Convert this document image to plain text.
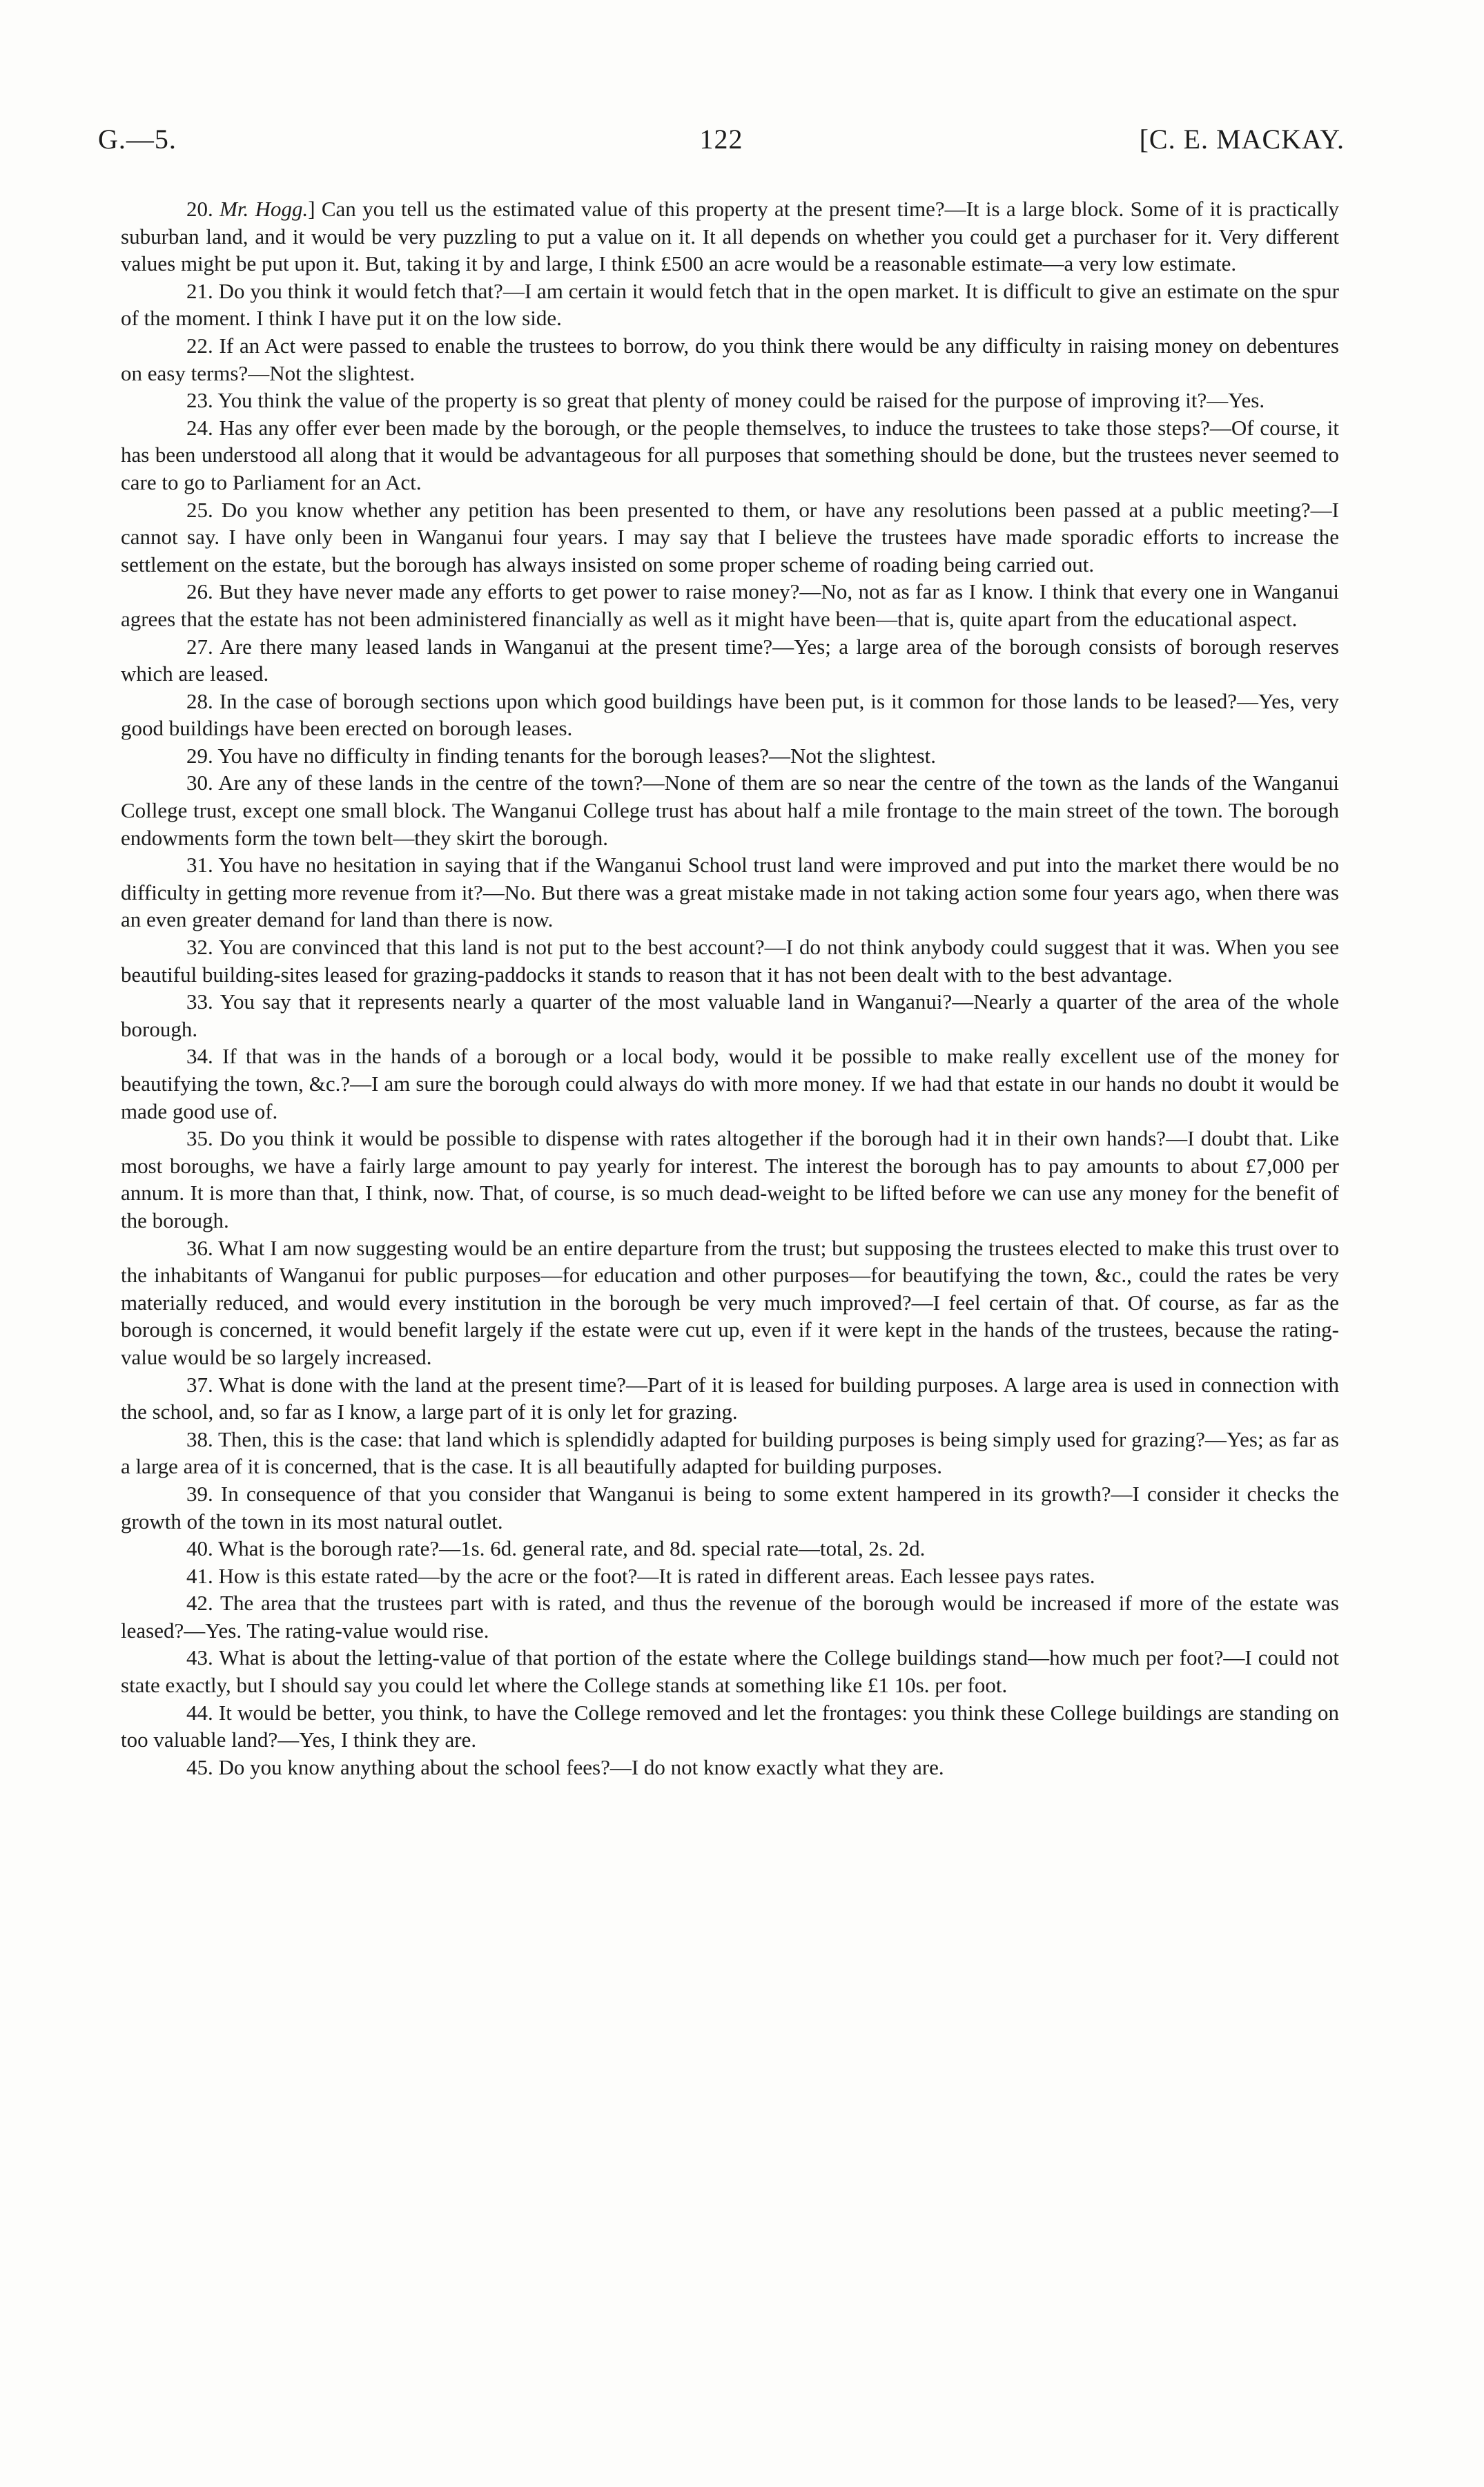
G.—5.	122	[C. E. MACKAY.

20. Mr. Hogg.] Can you tell us the estimated value of this property at the present time?—It is a large block. Some of it is practically suburban land, and it would be very puzzling to put a value on it. It all depends on whether you could get a purchaser for it. Very different values might be put upon it. But, taking it by and large, I think £500 an acre would be a reasonable estimate—a very low estimate.

21. Do you think it would fetch that?—I am certain it would fetch that in the open market. It is difficult to give an estimate on the spur of the moment. I think I have put it on the low side.

22. If an Act were passed to enable the trustees to borrow, do you think there would be any difficulty in raising money on debentures on easy terms?—Not the slightest.

23. You think the value of the property is so great that plenty of money could be raised for the purpose of improving it?—Yes.

24. Has any offer ever been made by the borough, or the people themselves, to induce the trustees to take those steps?—Of course, it has been understood all along that it would be advantageous for all purposes that something should be done, but the trustees never seemed to care to go to Parliament for an Act.

25. Do you know whether any petition has been presented to them, or have any resolutions been passed at a public meeting?—I cannot say. I have only been in Wanganui four years. I may say that I believe the trustees have made sporadic efforts to increase the settlement on the estate, but the borough has always insisted on some proper scheme of roading being carried out.

26. But they have never made any efforts to get power to raise money?—No, not as far as I know. I think that every one in Wanganui agrees that the estate has not been administered financially as well as it might have been—that is, quite apart from the educational aspect.

27. Are there many leased lands in Wanganui at the present time?—Yes; a large area of the borough consists of borough reserves which are leased.

28. In the case of borough sections upon which good buildings have been put, is it common for those lands to be leased?—Yes, very good buildings have been erected on borough leases.

29. You have no difficulty in finding tenants for the borough leases?—Not the slightest.

30. Are any of these lands in the centre of the town?—None of them are so near the centre of the town as the lands of the Wanganui College trust, except one small block. The Wanganui College trust has about half a mile frontage to the main street of the town. The borough endowments form the town belt—they skirt the borough.

31. You have no hesitation in saying that if the Wanganui School trust land were improved and put into the market there would be no difficulty in getting more revenue from it?—No. But there was a great mistake made in not taking action some four years ago, when there was an even greater demand for land than there is now.

32. You are convinced that this land is not put to the best account?—I do not think anybody could suggest that it was. When you see beautiful building-sites leased for grazing-paddocks it stands to reason that it has not been dealt with to the best advantage.

33. You say that it represents nearly a quarter of the most valuable land in Wanganui?—Nearly a quarter of the area of the whole borough.

34. If that was in the hands of a borough or a local body, would it be possible to make really excellent use of the money for beautifying the town, &c.?—I am sure the borough could always do with more money. If we had that estate in our hands no doubt it would be made good use of.

35. Do you think it would be possible to dispense with rates altogether if the borough had it in their own hands?—I doubt that. Like most boroughs, we have a fairly large amount to pay yearly for interest. The interest the borough has to pay amounts to about £7,000 per annum. It is more than that, I think, now. That, of course, is so much dead-weight to be lifted before we can use any money for the benefit of the borough.

36. What I am now suggesting would be an entire departure from the trust; but supposing the trustees elected to make this trust over to the inhabitants of Wanganui for public purposes—for education and other purposes—for beautifying the town, &c., could the rates be very materially reduced, and would every institution in the borough be very much improved?—I feel certain of that. Of course, as far as the borough is concerned, it would benefit largely if the estate were cut up, even if it were kept in the hands of the trustees, because the rating-value would be so largely increased.

37. What is done with the land at the present time?—Part of it is leased for building purposes. A large area is used in connection with the school, and, so far as I know, a large part of it is only let for grazing.

38. Then, this is the case: that land which is splendidly adapted for building purposes is being simply used for grazing?—Yes; as far as a large area of it is concerned, that is the case. It is all beautifully adapted for building purposes.

39. In consequence of that you consider that Wanganui is being to some extent hampered in its growth?—I consider it checks the growth of the town in its most natural outlet.

40. What is the borough rate?—1s. 6d. general rate, and 8d. special rate—total, 2s. 2d.

41. How is this estate rated—by the acre or the foot?—It is rated in different areas. Each lessee pays rates.

42. The area that the trustees part with is rated, and thus the revenue of the borough would be increased if more of the estate was leased?—Yes. The rating-value would rise.

43. What is about the letting-value of that portion of the estate where the College buildings stand—how much per foot?—I could not state exactly, but I should say you could let where the College stands at something like £1 10s. per foot.

44. It would be better, you think, to have the College removed and let the frontages: you think these College buildings are standing on too valuable land?—Yes, I think they are.

45. Do you know anything about the school fees?—I do not know exactly what they are.
